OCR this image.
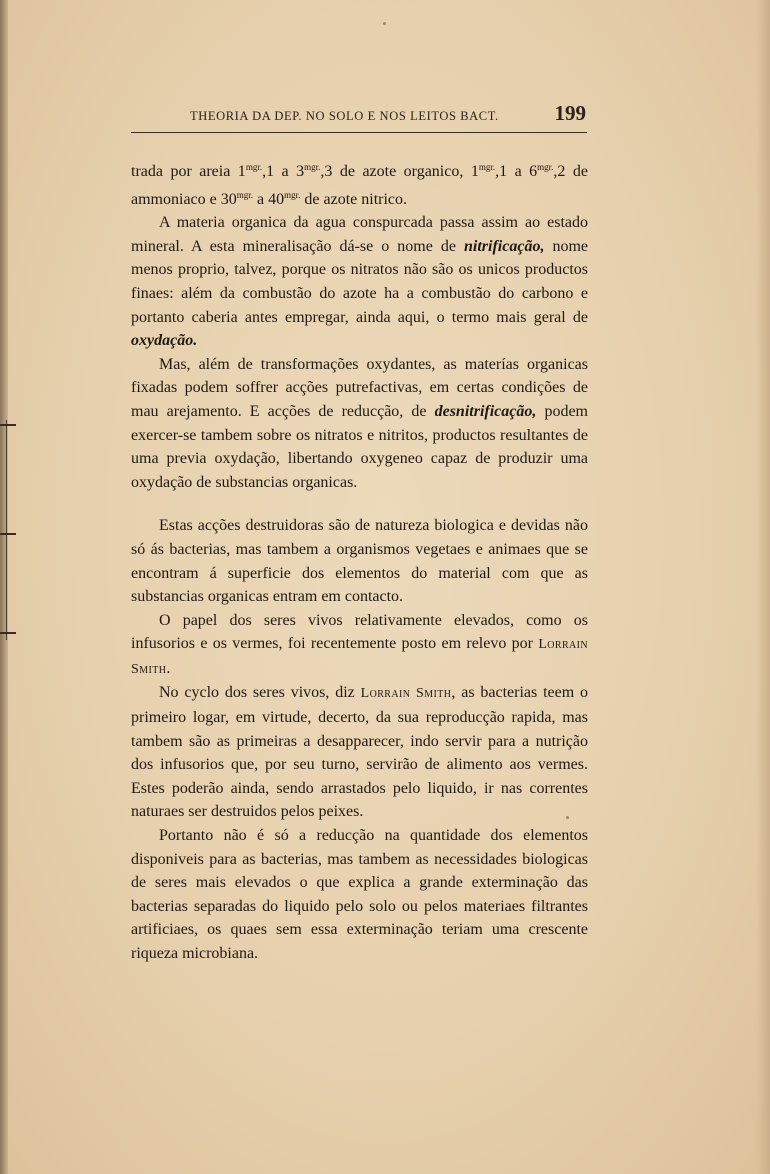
THEORIA DA DEP. NO SOLO E NOS LEITOS BACT.	199

trada por areia $1^{mgr.},1$ a $3^{mgr.},3$ de azote organico, $1^{mgr.},1$ a $6^{mgr.},2$ de ammoniaco e $30^{mgr.}$ a $40^{mgr.}$ de azote nitrico.

A materia organica da agua conspurcada passa assim ao estado mineral. A esta mineralisação dá-se o nome de nitrificação, nome menos proprio, talvez, porque os nitratos não são os unicos productos finaes: além da combustão do azote ha a combustão do carbono e portanto caberia antes empregar, ainda aqui, o termo mais geral de oxydação.

Mas, além de transformações oxydantes, as materías organicas fixadas podem soffrer acções putrefactivas, em certas condições de mau arejamento. E acções de reducção, de desnitrificação, podem exercer-se tambem sobre os nitratos e nitritos, productos resultantes de uma previa oxydação, libertando oxygeneo capaz de produzir uma oxydação de substancias organicas.

Estas acções destruidoras são de natureza biologica e devidas não só ás bacterias, mas tambem a organismos vegetaes e animaes que se encontram á superficie dos elementos do material com que as substancias organicas entram em contacto.

O papel dos seres vivos relativamente elevados, como os infusorios e os vermes, foi recentemente posto em relevo por Lorrain Smith.

No cyclo dos seres vivos, diz Lorrain Smith, as bacterias teem o primeiro logar, em virtude, decerto, da sua reproducção rapida, mas tambem são as primeiras a desapparecer, indo servir para a nutrição dos infusorios que, por seu turno, servirão de alimento aos vermes. Estes poderão ainda, sendo arrastados pelo liquido, ir nas correntes naturaes ser destruidos pelos peixes.

Portanto não é só a reducção na quantidade dos elementos disponiveis para as bacterias, mas tambem as necessidades biologicas de seres mais elevados o que explica a grande exterminação das bacterias separadas do liquido pelo solo ou pelos materiaes filtrantes artificiaes, os quaes sem essa exterminação teriam uma crescente riqueza microbiana.
